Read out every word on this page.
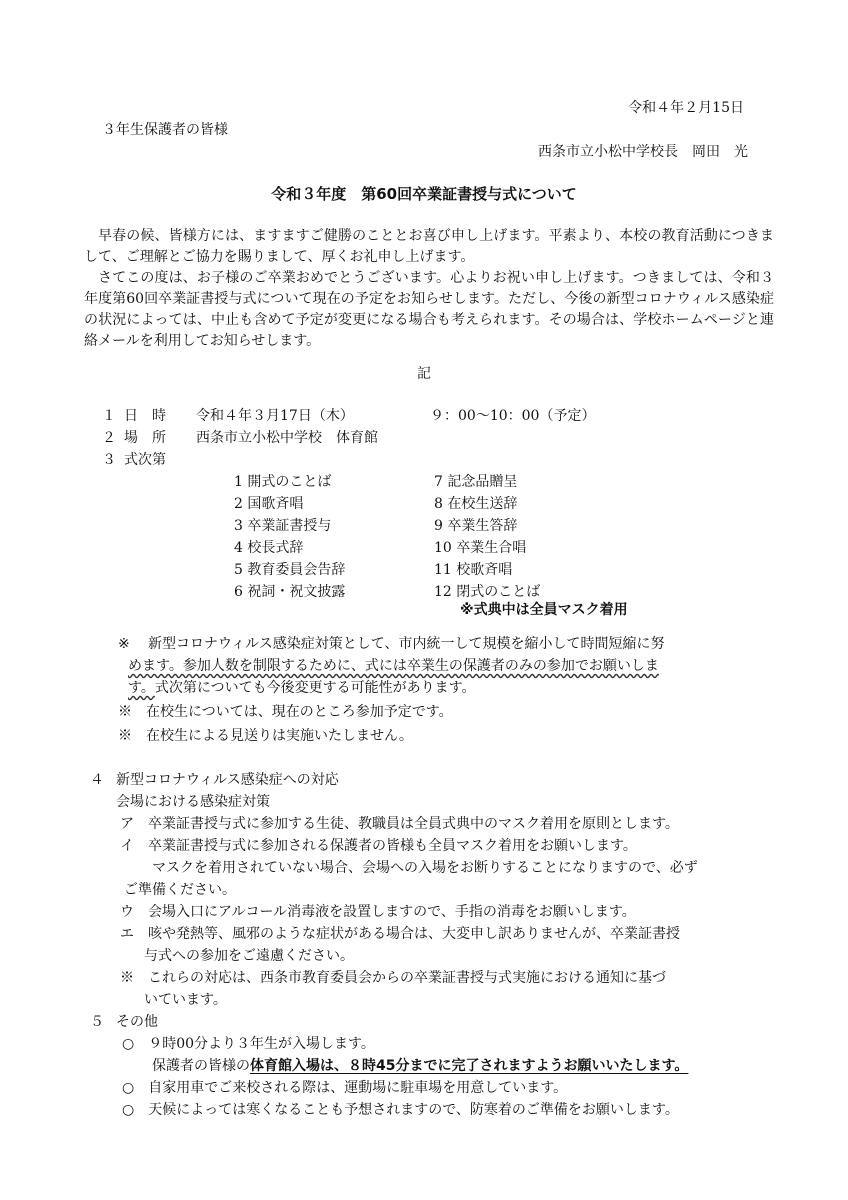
令和４年２月15日
３年生保護者の皆様
西条市立小松中学校長　岡田　光
令和３年度　第60回卒業証書授与式について

早春の候、皆様方には、ますますご健勝のこととお喜び申し上げます。平素より、本校の教育活動につきまして、ご理解とご協力を賜りまして、厚くお礼申し上げます。

さてこの度は、お子様のご卒業おめでとうございます。心よりお祝い申し上げます。つきましては、令和３年度第60回卒業証書授与式について現在の予定をお知らせします。ただし、今後の新型コロナウィルス感染症の状況によっては、中止も含めて予定が変更になる場合も考えられます。その場合は、学校ホームページと連絡メールを利用してお知らせします。

記
１ 日　時 令和４年３月17日（木）	９：00～10：00（予定）
２ 場　所 西条市立小松中学校　体育館
３ 式次第
1 開式のことば	7 記念品贈呈
2 国歌斉唱	8 在校生送辞
3 卒業証書授与	9 卒業生答辞
4 校長式辞	10 卒業生合唱
5 教育委員会告辞	11 校歌斉唱
6 祝詞・祝文披露	12 閉式のことば
※式典中は全員マスク着用
※ 新型コロナウィルス感染症対策として、市内統一して規模を縮小して時間短縮に努
めます。参加人数を制限するために、式には卒業生の保護者のみの参加でお願いしま
す。式次第についても今後変更する可能性があります。
※　在校生については、現在のところ参加予定です。
※　在校生による見送りは実施いたしません。
４ 新型コロナウィルス感染症への対応
会場における感染症対策
ア　卒業証書授与式に参加する生徒、教職員は全員式典中のマスク着用を原則とします。
イ　卒業証書授与式に参加される保護者の皆様も全員マスク着用をお願いします。
マスクを着用されていない場合、会場への入場をお断りすることになりますので、必ず
ご準備ください。
ウ　会場入口にアルコール消毒液を設置しますので、手指の消毒をお願いします。
エ　咳や発熱等、風邪のような症状がある場合は、大変申し訳ありませんが、卒業証書授
与式への参加をご遠慮ください。
※　これらの対応は、西条市教育委員会からの卒業証書授与式実施における通知に基づ
いています。
５ その他
○　９時00分より３年生が入場します。
保護者の皆様の体育館入場は、８時45分までに完了されますようお願いいたします。
○　自家用車でご来校される際は、運動場に駐車場を用意しています。
○　天候によっては寒くなることも予想されますので、防寒着のご準備をお願いします。
